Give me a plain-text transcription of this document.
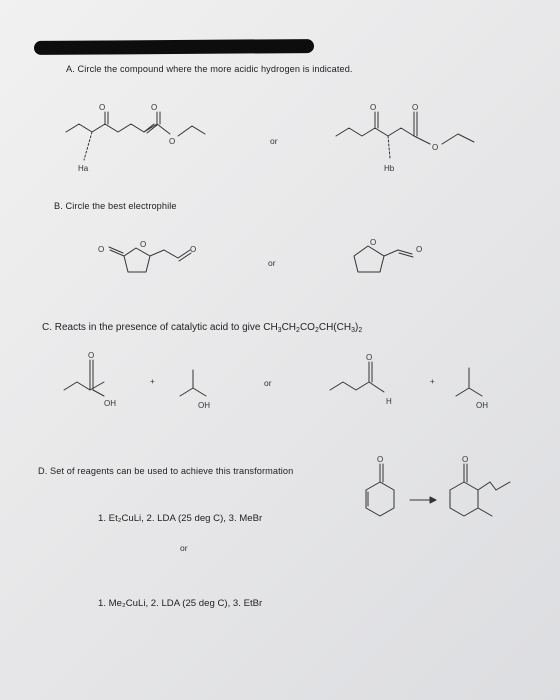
A. Circle the compound where the more acidic hydrogen is indicated.
O	O
O
Ha
O	O
O
Hb
or
B. Circle the best electrophile
O
O	O
O
O
or
C. Reacts in the presence of catalytic acid to give $CH_3CH_2CO_2CH(CH_3)_2$
O
OH
+
OH
O
H
+
OH
or
D. Set of reagents can be used to achieve this transformation
O	O
1. Et₂CuLi, 2. LDA (25 deg C), 3. MeBr
or
1. Me₂CuLi, 2. LDA (25 deg C), 3. EtBr
